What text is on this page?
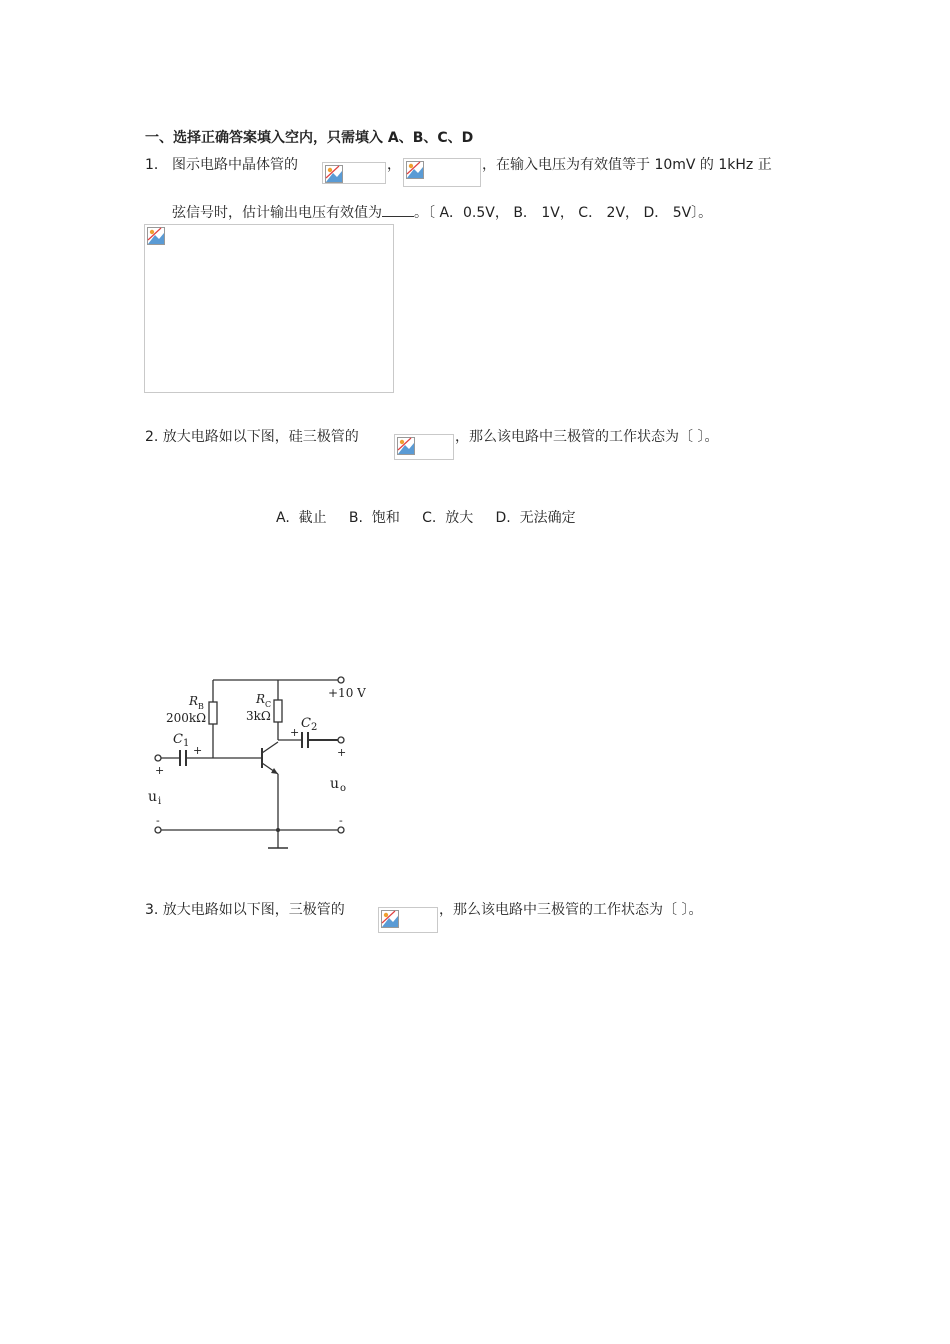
一、选择正确答案填入空内，只需填入 A、B、C、D
1． 图示电路中晶体管的	，	，在输入电压为有效值等于 10mV 的 1kHz 正
弦信号时，估计输出电压有效值为 。〔 A．0.5V， B． 1V， C． 2V， D． 5V〕。
2. 放大电路如以下图，硅三极管的	，那么该电路中三极管的工作状态为〔 〕。
A.  截止     B.  饱和     C.  放大     D.  无法确定
+10 V
R B
200kΩ
R C
3kΩ
C 1
+
C 2
+
+
+
-	-
u i
u o
3. 放大电路如以下图，三极管的	，那么该电路中三极管的工作状态为〔 〕。
